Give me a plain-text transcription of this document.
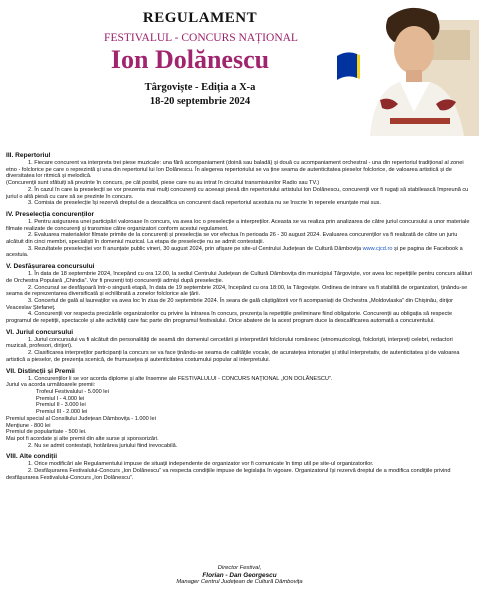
REGULAMENT
FESTIVALUL - CONCURS NAȚIONAL
Ion Dolănescu
Târgoviște - Ediția a X-a
18-20 septembrie 2024
III. Repertoriul

1. Fiecare concurent va interpreta trei piese muzicale: una fără acompaniament (doină sau baladă) și două cu acompaniament orchestral - una din repertoriul tradițional al zonei etno - folclorice pe care o reprezintă și una din repertoriul lui Ion Dolănescu. În alegerea repertoriului se va ține seama de autenticitatea pieselor folclorice, de valoarea artistică și de diversitatea lor ritmică și melodică.

(Concurenții sunt sfătuiți să prezinte în concurs, pe cât posibil, piese care nu au intrat în circuitul transmisiunilor Radio sau TV.)

2. În cazul în care la preselecții se vor prezenta mai mulți concurenți cu aceeași piesă din repertoriului artistului Ion Dolănescu, concurenții vor fi rugați să stabilească împreună cu juriul o altă piesă cu care să se prezinte în concurs.

3. Comisia de preselecție își rezervă dreptul de a descalifica un concurent dacă repertoriul acestuia nu se înscrie în reperele enunțate mai sus.

IV. Preselecția concurenților

1. Pentru asigurarea unei participări valoroase în concurs, va avea loc o preselecție a interpreților. Aceasta se va realiza prin analizarea de către juriul concursului a unor materiale filmate realizate de concurenți și transmise către organizatori conform acestui regulament.

2. Evaluarea materialelor filmate primite de la concurenți și preselecția se vor efectua în perioada 26 - 30 august 2024. Evaluarea concurenților va fi realizată de către un juriu alcătuit din cinci membri, specialiști în domeniul muzical. La etapa de preselecție nu se admit contestații.

3. Rezultatele preselecției vor fi anunțate public vineri, 30 august 2024, prin afișare pe site-ul Centrului Județean de Cultură Dâmbovița www.cjcd.ro și pe pagina de Facebook a acestuia.

V. Desfășurarea concursului

1. În data de 18 septembrie 2024, începând cu ora 12.00, la sediul Centrului Județean de Cultură Dâmbovița din municipiul Târgoviște, vor avea loc repetițiile pentru concurs alături de Orchestra Populară „Chindia”. Vor fi prezenți toți concurenții admiși după preselecție.

2. Concursul se desfășoară într-o singură etapă, în data de 19 septembrie 2024, începând cu ora 18:00, la Târgoviște. Ordinea de intrare va fi stabilită de organizatori, ținându-se seama de reprezentarea diversificată și echilibrată a zonelor folclorice ale țării.

3. Concertul de gală al laureaților va avea loc în ziua de 20 septembrie 2024. În seara de gală câștigătorii vor fi acompaniați de Orchestra „Moldovlaska” din Chișinău, dirijor Veaceslav Ștefaneț.

4. Concurenții vor respecta precizările organizatorilor cu privire la intrarea în concurs, prezența la repetițiile preliminare fiind obligatorie. Concurenții au obligația să respecte programul de repetiții, spectacole și alte activități care fac parte din programul festivalului. Orice abatere de la acest program duce la descalificarea automată a concurentului.

VI. Juriul concursului

1. Juriul concursului va fi alcătuit din personalități de seamă din domeniul cercetării și interpretării folclorului românesc (etnomuzicologi, folcloriști, interpreți celebri, redactori muzicali, profesori, dirijori).

2. Clasificarea interpreților participanți la concurs se va face ținându-se seama de calitățile vocale, de acuratețea intonației și stilul interpretativ, de autenticitatea și de valoarea artistică a pieselor, de prezența scenică, de frumusețea și autenticitatea costumului popular al interpretului.

VII. Distincții și Premii

1. Concurenților li se vor acorda diplome și alte însemne ale FESTIVALULUI - CONCURS NAȚIONAL „ION DOLĂNESCU”.

Juriul va acorda următoarele premii:

Trofeul Festivalului - 5.000 lei

Premiul I - 4.000 lei

Premiul II - 3.000 lei

Premiul III - 2.000 lei

Premiul special al Consiliului Județean Dâmbovița - 1.000 lei

Mențiune - 800 lei

Premiul de popularitate - 500 lei.

Mai pot fi acordate și alte premii din alte surse și sponsorizări.

2. Nu se admit contestații, hotărârea juriului fiind irevocabilă.

VIII. Alte condiții

1. Orice modificări ale Regulamentului impuse de situații independente de organizator vor fi comunicate în timp util pe site-ul organizatorilor.

2. Desfășurarea Festivalului-Concurs „Ion Dolănescu” va respecta condițiile impuse de legislația în vigoare. Organizatorul își rezervă dreptul de a modifica condițiile privind desfășurarea Festivalului-Concurs „Ion Dolănescu”.

Director Festival,
Florian - Dan Georgescu
Manager Centrul Județean de Cultură Dâmbovița
